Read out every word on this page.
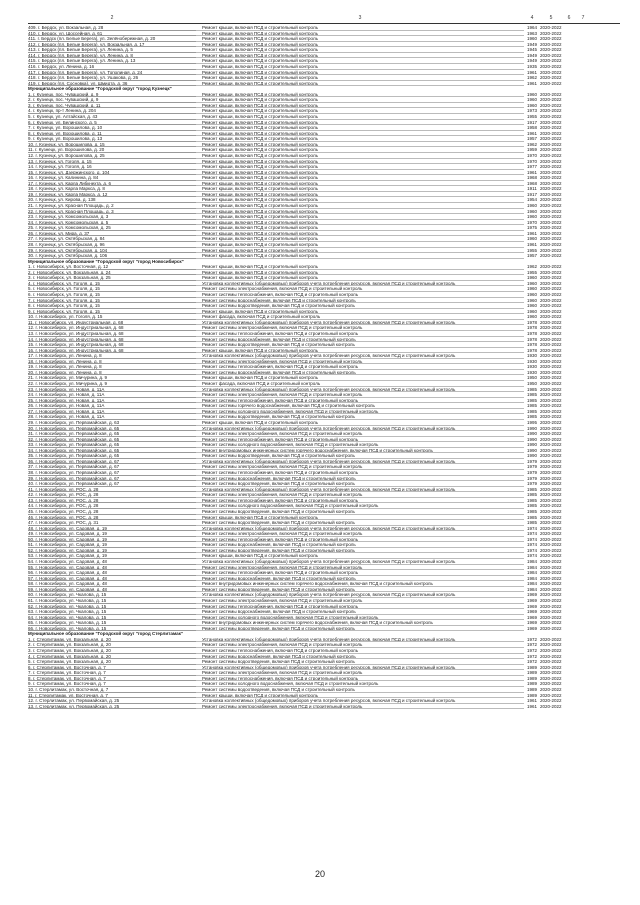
2	3	4	5	6	7
409. г. Бердск, ул. Вокзальная, д. 28	Ремонт крыши, включая ПСД и строительный контроль	1964 2020-2022
410. г. Бердск, ул. Шоссейная, д. 61	Ремонт крыши, включая ПСД и строительный контроль	1963 2020-2022
411. г. Бердск (пл. Белые Берега), ул. Зелёнобережная, д. 20	Ремонт крыши, включая ПСД и строительный контроль	1960 2020-2022
412. г. Бердск (пл. Белые Берега), ул. Вокзальная, д. 17	Ремонт крыши, включая ПСД и строительный контроль	1949 2020-2022
413. г. Бердск (пл. Белые Берега), ул. Ленина, д. 5	Ремонт крыши, включая ПСД и строительный контроль	1945 2020-2022
414. г. Бердск (пл. Белые Берега), ул. Ленина, д. 8	Ремонт крыши, включая ПСД и строительный контроль	1949 2020-2022
415. г. Бердск (пл. Белые Берега), ул. Ленина, д. 13	Ремонт крыши, включая ПСД и строительный контроль	1949 2020-2022
416. г. Бердск, ул. Ленина, д. 16	Ремонт крыши, включая ПСД и строительный контроль	1935 2020-2022
417. г. Бердск (пл. Белые Берега), ул. Тополиная, д. 24	Ремонт крыши, включая ПСД и строительный контроль	1961 2020-2022
418. г. Бердск (пл. Белые Берега), ул. Ушакова, д. 26	Ремонт крыши, включая ПСД и строительный контроль	1962 2020-2022
419. г. Бердск (пл. Сосновка), ул. Шмидта, д. 36	Ремонт крыши, включая ПСД и строительный контроль	1961 2020-2022
Муниципальное образование "Городской округ "город Кузнецк"
1. г. Кузнецк, пос. Чувашский, д. 9	Ремонт крыши, включая ПСД и строительный контроль	1960 2020-2022
2. г. Кузнецк, пос. Чувашский, д. 9	Ремонт крыши, включая ПСД и строительный контроль	1960 2020-2022
3. г. Кузнецк, пос. Чувашский, д. 11	Ремонт крыши, включая ПСД и строительный контроль	1960 2020-2022
4. г. Кузнецк, пр-т Ленина, д. 204	Ремонт крыши, включая ПСД и строительный контроль	1973 2020-2022
5. г. Кузнецк, ул. Алтайская, д. 43	Ремонт крыши, включая ПСД и строительный контроль	1955 2020-2022
6. г. Кузнецк, ул. Белинского, д. 5	Ремонт крыши, включая ПСД и строительный контроль	1917 2020-2022
7. г. Кузнецк, ул. Ворошилова, д. 10	Ремонт крыши, включая ПСД и строительный контроль	1958 2020-2022
8. г. Кузнецк, ул. Ворошилова, д. 11	Ремонт крыши, включая ПСД и строительный контроль	1961 2020-2022
9. г. Кузнецк, ул. Ворошилова, д. 13	Ремонт крыши, включая ПСД и строительный контроль	1957 2020-2022
10. г. Кузнецк, ул. Ворошилова, д. 15	Ремонт крыши, включая ПСД и строительный контроль	1962 2020-2022
11. г. Кузнецк, ул. Ворошилова, д. 20	Ремонт крыши, включая ПСД и строительный контроль	1959 2020-2022
12. г. Кузнецк, ул. Ворошилова, д. 25	Ремонт крыши, включая ПСД и строительный контроль	1970 2020-2022
13. г. Кузнецк, ул. Гоголя, д. 15	Ремонт крыши, включая ПСД и строительный контроль	1970 2020-2022
14. г. Кузнецк, ул. Гоголя, д. 16	Ремонт крыши, включая ПСД и строительный контроль	1977 2020-2022
15. г. Кузнецк, ул. Дзержинского, д. 104	Ремонт крыши, включая ПСД и строительный контроль	1961 2020-2022
16. г. Кузнецк, ул. Калинина, д. 84	Ремонт крыши, включая ПСД и строительный контроль	1968 2020-2022
17. г. Кузнецк, ул. Карла Либкнехта, д. 6	Ремонт крыши, включая ПСД и строительный контроль	1968 2020-2022
18. г. Кузнецк, ул. Карла Маркса, д. 8	Ремонт крыши, включая ПСД и строительный контроль	1911 2020-2022
19. г. Кузнецк, ул. Карла Маркса, д. 12	Ремонт крыши, включая ПСД и строительный контроль	1917 2020-2022
20. г. Кузнецк, ул. Кирова, д. 138	Ремонт крыши, включая ПСД и строительный контроль	1954 2020-2022
21. г. Кузнецк, ул. Красная Площадь, д. 2	Ремонт крыши, включая ПСД и строительный контроль	1960 2020-2022
22. г. Кузнецк, ул. Красная Площадь, д. 3	Ремонт крыши, включая ПСД и строительный контроль	1960 2020-2022
23. г. Кузнецк, ул. Комсомольская, д. 3	Ремонт крыши, включая ПСД и строительный контроль	1960 2020-2022
24. г. Кузнецк, ул. Комсомольская, д. 5	Ремонт крыши, включая ПСД и строительный контроль	1970 2020-2022
25. г. Кузнецк, ул. Комсомольская, д. 25	Ремонт крыши, включая ПСД и строительный контроль	1975 2020-2022
26. г. Кузнецк, ул. Мира, д. 37	Ремонт крыши, включая ПСД и строительный контроль	1961 2020-2022
27. г. Кузнецк, ул. Октябрьская, д. 84	Ремонт крыши, включая ПСД и строительный контроль	1960 2020-2022
28. г. Кузнецк, ул. Октябрьская, д. 96	Ремонт крыши, включая ПСД и строительный контроль	1961 2020-2022
29. г. Кузнецк, ул. Октябрьская, д. 104	Ремонт крыши, включая ПСД и строительный контроль	1955 2020-2022
30. г. Кузнецк, ул. Октябрьская, д. 106	Ремонт крыши, включая ПСД и строительный контроль	1957 2020-2022
Муниципальное образование "Городской округ "город Новосибирск"
1. г. Новосибирск, ул. Восточная, д. 12	Ремонт крыши, включая ПСД и строительный контроль	1962 2020-2022
2. г. Новосибирск, ул. Вокзальная, д. 24	Ремонт крыши, включая ПСД и строительный контроль	1955 2020-2022
3. г. Новосибирск, ул. Вокзальная, д. 25	Ремонт крыши, включая ПСД и строительный контроль	1960 2020-2022
4. г. Новосибирск, ул. Гоголя, д. 15	Установка коллективных (общедомовых) приборов учета потребления ресурсов, включая ПСД и строительный контроль	1960 2020-2022
5. г. Новосибирск, ул. Гоголя, д. 15	Ремонт системы электроснабжения, включая ПСД и строительный контроль	1960 2020-2022
6. г. Новосибирск, ул. Гоголя, д. 15	Ремонт системы теплоснабжения, включая ПСД и строительный контроль	1960 2020-2022
7. г. Новосибирск, ул. Гоголя, д. 15	Ремонт системы водоснабжения, включая ПСД и строительный контроль	1960 2020-2022
8. г. Новосибирск, ул. Гоголя, д. 15	Ремонт системы водоотведения, включая ПСД и строительный контроль	1960 2020-2022
9. г. Новосибирск, ул. Гоголя, д. 15	Ремонт крыши, включая ПСД и строительный контроль	1960 2020-2022
10. г. Новосибирск, ул. Гоголя, д. 15	Ремонт фасада, включая ПСД и строительный контроль	1960 2020-2022
11. г. Новосибирск, ул. Индустриальная, д. 68	Установка коллективных (общедомовых) приборов учета потребления ресурсов, включая ПСД и строительный контроль	1978 2020-2022
12. г. Новосибирск, ул. Индустриальная, д. 68	Ремонт системы электроснабжения, включая ПСД и строительный контроль	1978 2020-2022
13. г. Новосибирск, ул. Индустриальная, д. 68	Ремонт системы теплоснабжения, включая ПСД и строительный контроль	1978 2020-2022
14. г. Новосибирск, ул. Индустриальная, д. 68	Ремонт системы водоснабжения, включая ПСД и строительный контроль	1978 2020-2022
15. г. Новосибирск, ул. Индустриальная, д. 68	Ремонт системы водоотведения, включая ПСД и строительный контроль	1978 2020-2022
16. г. Новосибирск, ул. Индустриальная, д. 68	Ремонт крыши, включая ПСД и строительный контроль	1978 2020-2022
17. г. Новосибирск, ул. Ленина, д. 8	Установка коллективных (общедомовых) приборов учета потребления ресурсов, включая ПСД и строительный контроль	1930 2020-2022
18. г. Новосибирск, ул. Ленина, д. 8	Ремонт системы электроснабжения, включая ПСД и строительный контроль	1930 2020-2022
19. г. Новосибирск, ул. Ленина, д. 8	Ремонт системы теплоснабжения, включая ПСД и строительный контроль	1930 2020-2022
20. г. Новосибирск, ул. Ленина, д. 8	Ремонт системы водоснабжения, включая ПСД и строительный контроль	1930 2020-2022
21. г. Новосибирск, ул. Мичурина, д. 9	Ремонт крыши, включая ПСД и строительный контроль	1950 2020-2022
22. г. Новосибирск, ул. Мичурина, д. 9	Ремонт фасада, включая ПСД и строительный контроль	1950 2020-2022
23. г. Новосибирск, ул. Новая, д. 11А	Установка коллективных (общедомовых) приборов учета потребления ресурсов, включая ПСД и строительный контроль	1985 2020-2022
24. г. Новосибирск, ул. Новая, д. 11А	Ремонт системы электроснабжения, включая ПСД и строительный контроль	1985 2020-2022
25. г. Новосибирск, ул. Новая, д. 11А	Ремонт системы теплоснабжения, включая ПСД и строительный контроль	1985 2020-2022
26. г. Новосибирск, ул. Новая, д. 11А	Ремонт системы горячего водоснабжения, включая ПСД и строительный контроль	1985 2020-2022
27. г. Новосибирск, ул. Новая, д. 11А	Ремонт системы холодного водоснабжения, включая ПСД и строительный контроль	1985 2020-2022
28. г. Новосибирск, ул. Новая, д. 11А	Ремонт системы водоотведения, включая ПСД и строительный контроль	1985 2020-2022
29. г. Новосибирск, ул. Первомайская, д. 63	Ремонт крыши, включая ПСД и строительный контроль	1995 2020-2022
30. г. Новосибирск, ул. Первомайская, д. 65	Установка коллективных (общедомовых) приборов учета потребления ресурсов, включая ПСД и строительный контроль	1990 2020-2022
31. г. Новосибирск, ул. Первомайская, д. 65	Ремонт системы электроснабжения, включая ПСД и строительный контроль	1990 2020-2022
32. г. Новосибирск, ул. Первомайская, д. 65	Ремонт системы теплоснабжения, включая ПСД и строительный контроль	1990 2020-2022
33. г. Новосибирск, ул. Первомайская, д. 65	Ремонт системы холодного водоснабжения, включая ПСД и строительный контроль	1990 2020-2022
34. г. Новосибирск, ул. Первомайская, д. 65	Ремонт внутридомовых инженерных систем горячего водоснабжения, включая ПСД и строительный контроль	1990 2020-2022
35. г. Новосибирск, ул. Первомайская, д. 65	Ремонт системы водоотведения, включая ПСД и строительный контроль	1990 2020-2022
36. г. Новосибирск, ул. Первомайская, д. 67	Установка коллективных (общедомовых) приборов учета потребления ресурсов, включая ПСД и строительный контроль	1979 2020-2022
37. г. Новосибирск, ул. Первомайская, д. 67	Ремонт системы электроснабжения, включая ПСД и строительный контроль	1979 2020-2022
38. г. Новосибирск, ул. Первомайская, д. 67	Ремонт системы теплоснабжения, включая ПСД и строительный контроль	1979 2020-2022
39. г. Новосибирск, ул. Первомайская, д. 67	Ремонт системы водоснабжения, включая ПСД и строительный контроль	1979 2020-2022
40. г. Новосибирск, ул. Первомайская, д. 67	Ремонт системы водоотведения, включая ПСД и строительный контроль	1979 2020-2022
41. г. Новосибирск, ул. РОС, д. 28	Установка коллективных (общедомовых) приборов учета потребления ресурсов, включая ПСД и строительный контроль	1985 2020-2022
42. г. Новосибирск, ул. РОС, д. 28	Ремонт системы электроснабжения, включая ПСД и строительный контроль	1985 2020-2022
43. г. Новосибирск, ул. РОС, д. 28	Ремонт системы теплоснабжения, включая ПСД и строительный контроль	1985 2020-2022
44. г. Новосибирск, ул. РОС, д. 28	Ремонт системы холодного водоснабжения, включая ПСД и строительный контроль	1985 2020-2022
45. г. Новосибирск, ул. РОС, д. 28	Ремонт системы водоотведения, включая ПСД и строительный контроль	1985 2020-2022
46. г. Новосибирск, ул. РОС, д. 28	Ремонт крыши, включая ПСД и строительный контроль	1985 2020-2022
47. г. Новосибирск, ул. РОС, д. 31	Ремонт системы водоотведения, включая ПСД и строительный контроль	1985 2020-2022
48. г. Новосибирск, ул. Садовая, д. 19	Установка коллективных (общедомовых) приборов учета потребления ресурсов, включая ПСД и строительный контроль	1974 2020-2022
49. г. Новосибирск, ул. Садовая, д. 19	Ремонт системы электроснабжения, включая ПСД и строительный контроль	1974 2020-2022
50. г. Новосибирск, ул. Садовая, д. 19	Ремонт системы теплоснабжения, включая ПСД и строительный контроль	1974 2020-2022
51. г. Новосибирск, ул. Садовая, д. 19	Ремонт системы водоснабжения, включая ПСД и строительный контроль	1974 2020-2022
52. г. Новосибирск, ул. Садовая, д. 19	Ремонт системы водоотведения, включая ПСД и строительный контроль	1974 2020-2022
53. г. Новосибирск, ул. Садовая, д. 19	Ремонт крыши, включая ПСД и строительный контроль	1974 2020-2022
54. г. Новосибирск, ул. Садовая, д. 48	Установка коллективных (общедомовых) приборов учета потребления ресурсов, включая ПСД и строительный контроль	1984 2020-2022
55. г. Новосибирск, ул. Садовая, д. 48	Ремонт системы электроснабжения, включая ПСД и строительный контроль	1984 2020-2022
56. г. Новосибирск, ул. Садовая, д. 48	Ремонт системы теплоснабжения, включая ПСД и строительный контроль	1984 2020-2022
57. г. Новосибирск, ул. Садовая, д. 48	Ремонт системы водоснабжения, включая ПСД и строительный контроль	1984 2020-2022
58. г. Новосибирск, ул. Садовая, д. 48	Ремонт внутридомовых инженерных систем горячего водоснабжения, включая ПСД и строительный контроль	1984 2020-2022
59. г. Новосибирск, ул. Садовая, д. 48	Ремонт системы водоотведения, включая ПСД и строительный контроль	1984 2020-2022
60. г. Новосибирск, ул. Чкалова, д. 15	Установка коллективных (общедомовых) приборов учета потребления ресурсов, включая ПСД и строительный контроль	1969 2020-2022
61. г. Новосибирск, ул. Чкалова, д. 15	Ремонт системы электроснабжения, включая ПСД и строительный контроль	1969 2020-2022
62. г. Новосибирск, ул. Чкалова, д. 15	Ремонт системы теплоснабжения, включая ПСД и строительный контроль	1969 2020-2022
63. г. Новосибирск, ул. Чкалова, д. 15	Ремонт системы водоснабжения, включая ПСД и строительный контроль	1969 2020-2022
64. г. Новосибирск, ул. Чкалова, д. 15	Ремонт системы холодного водоснабжения, включая ПСД и строительный контроль	1969 2020-2022
65. г. Новосибирск, ул. Чкалова, д. 15	Ремонт внутридомовых инженерных систем горячего водоснабжения, включая ПСД и строительный контроль	1969 2020-2022
66. г. Новосибирск, ул. Чкалова, д. 15	Ремонт системы водоотведения, включая ПСД и строительный контроль	1969 2020-2022
Муниципальное образование "Городской округ "город Стерлитамак"
1. г. Стерлитамак, ул. Вокзальная, д. 20	Установка коллективных (общедомовых) приборов учета потребления ресурсов, включая ПСД и строительный контроль	1972 2020-2022
2. г. Стерлитамак, ул. Вокзальная, д. 20	Ремонт системы электроснабжения, включая ПСД и строительный контроль	1972 2020-2022
3. г. Стерлитамак, ул. Вокзальная, д. 20	Ремонт системы теплоснабжения, включая ПСД и строительный контроль	1972 2020-2022
4. г. Стерлитамак, ул. Вокзальная, д. 20	Ремонт системы водоснабжения, включая ПСД и строительный контроль	1972 2020-2022
5. г. Стерлитамак, ул. Вокзальная, д. 20	Ремонт системы водоотведения, включая ПСД и строительный контроль	1972 2020-2022
6. г. Стерлитамак, ул. Восточная, д. 7	Установка коллективных (общедомовых) приборов учета потребления ресурсов, включая ПСД и строительный контроль	1989 2020-2022
7. г. Стерлитамак, ул. Восточная, д. 7	Ремонт системы электроснабжения, включая ПСД и строительный контроль	1989 2020-2022
8. г. Стерлитамак, ул. Восточная, д. 7	Ремонт системы теплоснабжения, включая ПСД и строительный контроль	1989 2020-2022
9. г. Стерлитамак, ул. Восточная, д. 7	Ремонт системы холодного водоснабжения, включая ПСД и строительный контроль	1989 2020-2022
10. г. Стерлитамак, ул. Восточная, д. 7	Ремонт системы водоотведения, включая ПСД и строительный контроль	1989 2020-2022
11. г. Стерлитамак, ул. Восточная, д. 7	Ремонт крыши, включая ПСД и строительный контроль	1989 2020-2022
12. г. Стерлитамак, ул. Первомайская, д. 25	Установка коллективных (общедомовых) приборов учета потребления ресурсов, включая ПСД и строительный контроль	1961 2020-2022
13. г. Стерлитамак, ул. Первомайская, д. 25	Ремонт системы электроснабжения, включая ПСД и строительный контроль	1961 2020-2022
20
